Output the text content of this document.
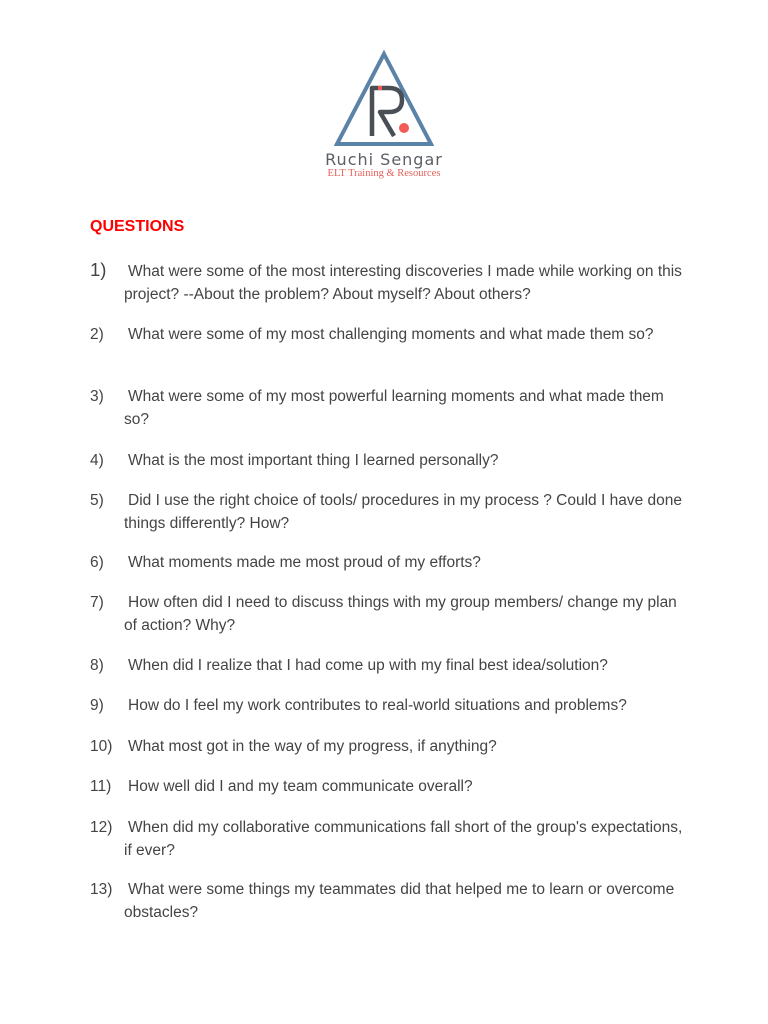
Ruchi Sengar
ELT Training & Resources
QUESTIONS
1) What were some of the most interesting discoveries I made while working on this project? --About the problem? About myself? About others?
2) What were some of my most challenging moments and what made them so?
3) What were some of my most powerful learning moments and what made them so?
4) What is the most important thing I learned personally?
5) Did I use the right choice of tools/ procedures in my process ? Could I have done things differently? How?
6) What moments made me most proud of my efforts?
7) How often did I need to discuss things with my group members/ change my plan of action? Why?
8) When did I realize that I had come up with my final best idea/solution?
9) How do I feel my work contributes to real-world situations and problems?
10) What most got in the way of my progress, if anything?
11) How well did I and my team communicate overall?
12) When did my collaborative communications fall short of the group's expectations, if ever?
13) What were some things my teammates did that helped me to learn or overcome obstacles?
